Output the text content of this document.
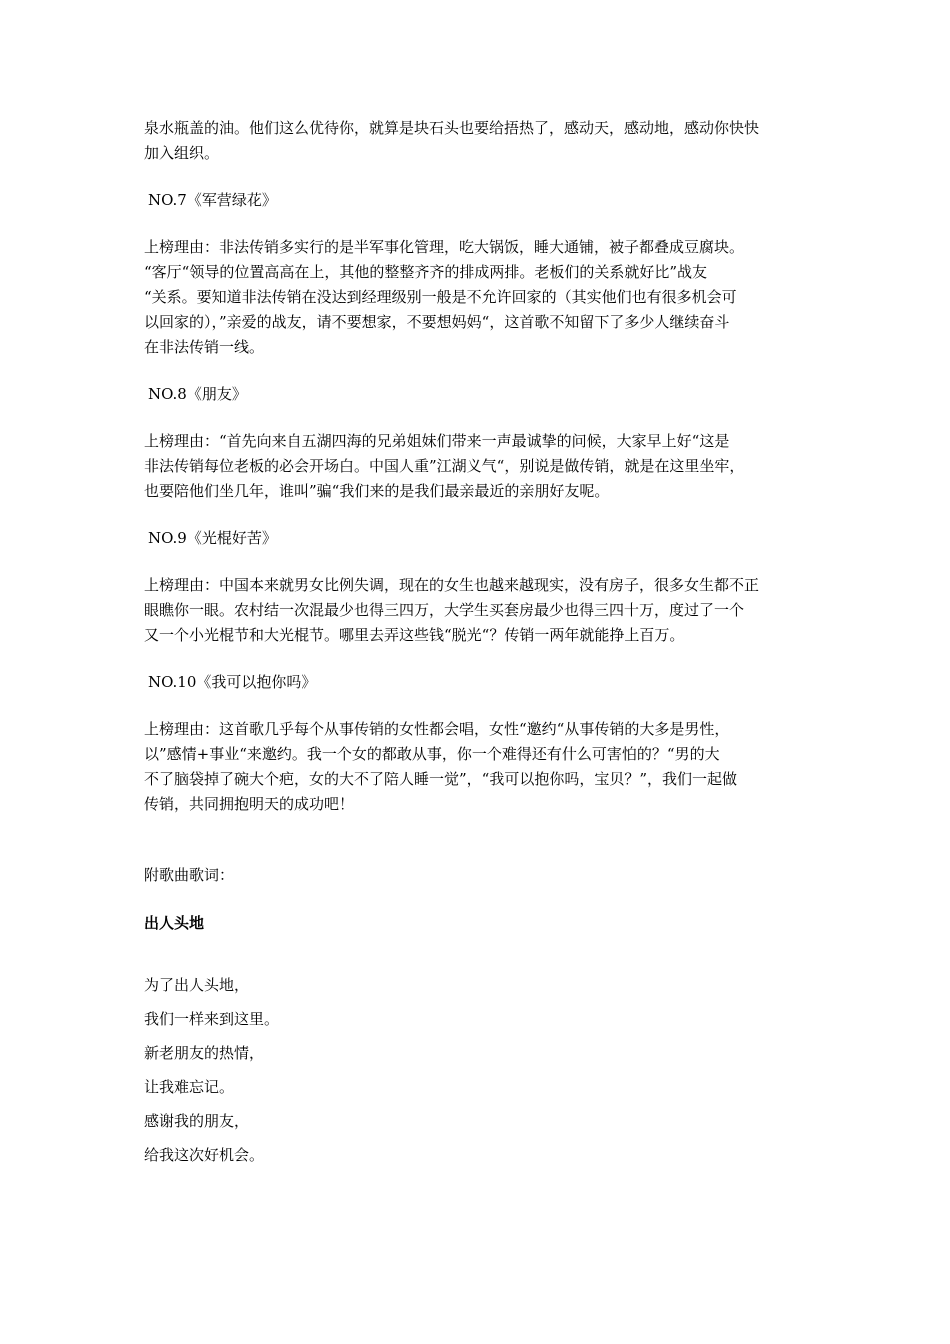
泉水瓶盖的油。他们这么优待你，就算是块石头也要给捂热了，感动天，感动地，感动你快快
加入组织。

NO.7《军营绿花》

上榜理由：非法传销多实行的是半军事化管理，吃大锅饭，睡大通铺，被子都叠成豆腐块。
“客厅“领导的位置高高在上，其他的整整齐齐的排成两排。老板们的关系就好比”战友
“关系。要知道非法传销在没达到经理级别一般是不允许回家的（其实他们也有很多机会可
以回家的），”亲爱的战友，请不要想家，不要想妈妈“，这首歌不知留下了多少人继续奋斗
在非法传销一线。

NO.8《朋友》

上榜理由：“首先向来自五湖四海的兄弟姐妹们带来一声最诚挚的问候，大家早上好“这是
非法传销每位老板的必会开场白。中国人重”江湖义气“，别说是做传销，就是在这里坐牢，
也要陪他们坐几年，谁叫”骗“我们来的是我们最亲最近的亲朋好友呢。

NO.9《光棍好苦》

上榜理由：中国本来就男女比例失调，现在的女生也越来越现实，没有房子，很多女生都不正
眼瞧你一眼。农村结一次混最少也得三四万，大学生买套房最少也得三四十万，度过了一个
又一个小光棍节和大光棍节。哪里去弄这些钱“脱光“？传销一两年就能挣上百万。

NO.10《我可以抱你吗》

上榜理由：这首歌几乎每个从事传销的女性都会唱，女性“邀约“从事传销的大多是男性，
以”感情+事业“来邀约。我一个女的都敢从事，你一个难得还有什么可害怕的？“男的大
不了脑袋掉了碗大个疤，女的大不了陪人睡一觉”，“我可以抱你吗，宝贝？”，我们一起做
传销，共同拥抱明天的成功吧！

附歌曲歌词：

出人头地

为了出人头地，

我们一样来到这里。

新老朋友的热情，

让我难忘记。

感谢我的朋友，

给我这次好机会。
